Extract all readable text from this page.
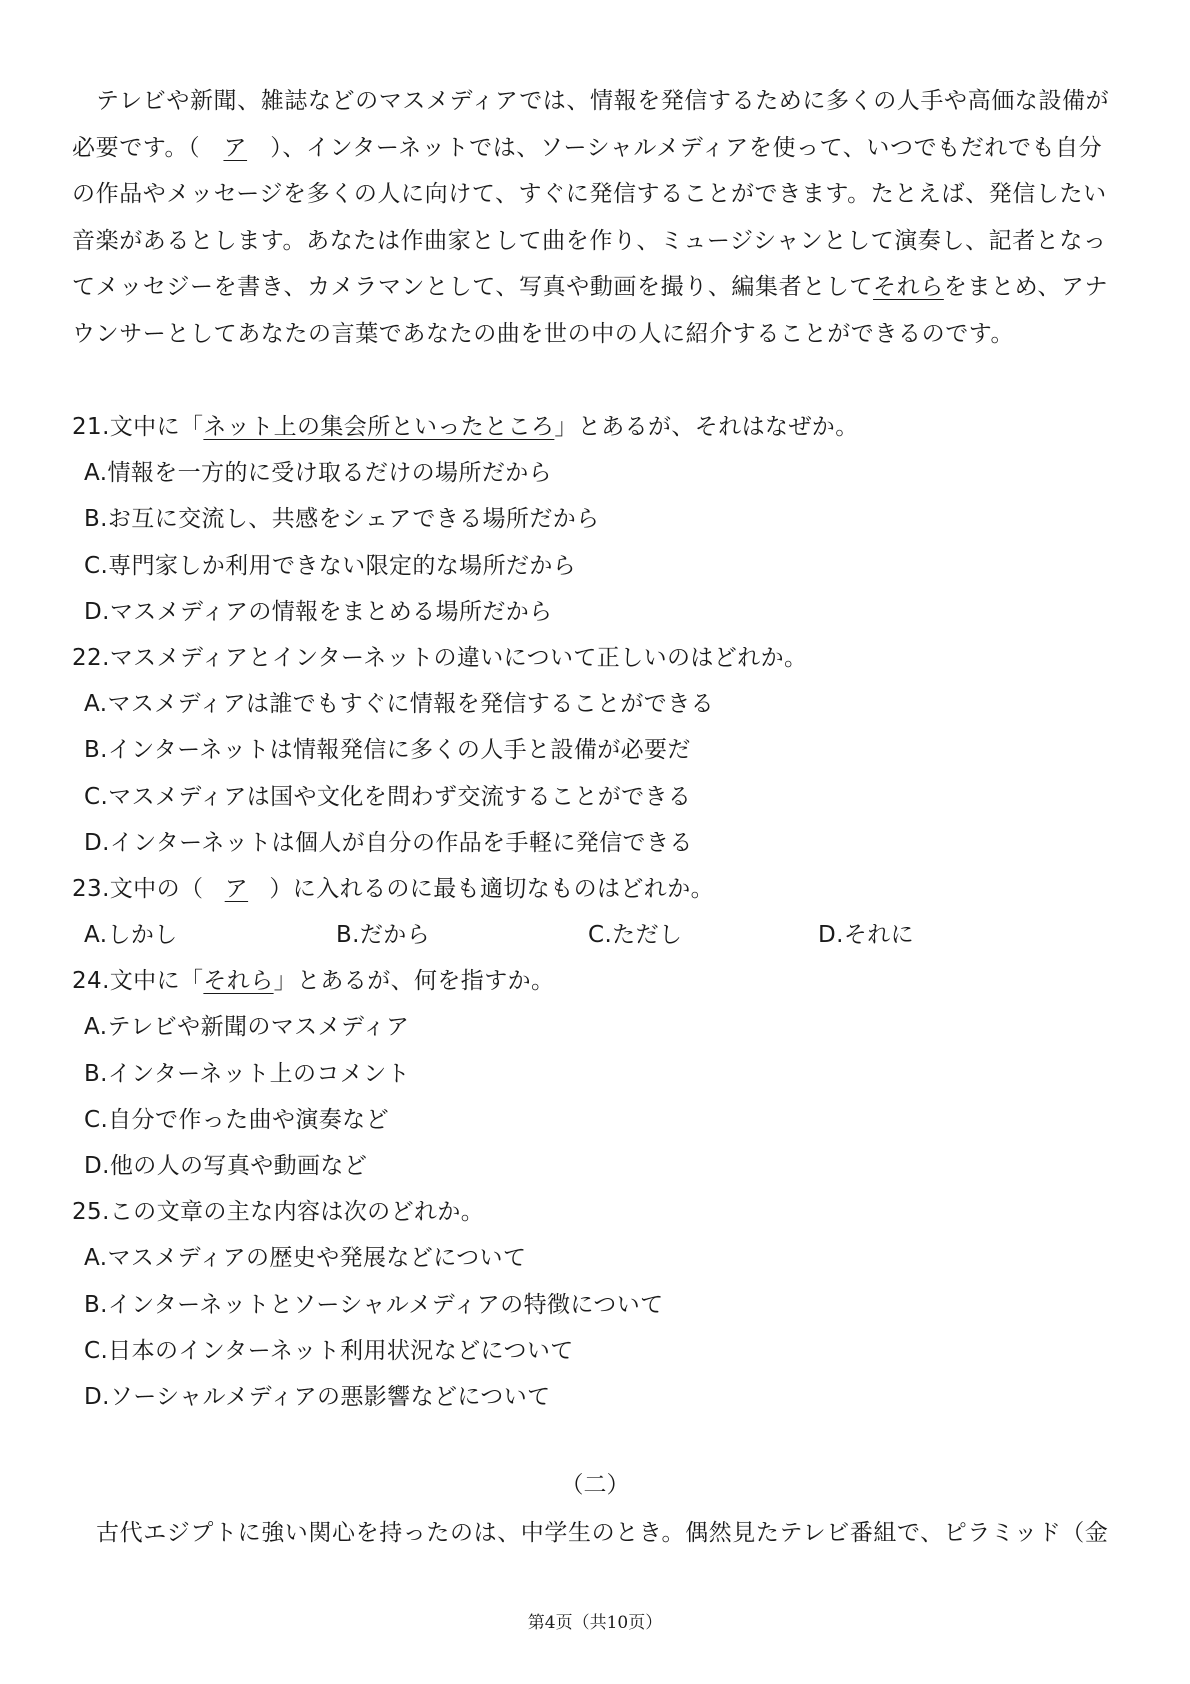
テレビや新聞、雑誌などのマスメディアでは、情報を発信するために多くの人手や高価な設備が必要です。（ ア ）、インターネットでは、ソーシャルメディアを使って、いつでもだれでも自分の作品やメッセージを多くの人に向けて、すぐに発信することができます。たとえば、発信したい音楽があるとします。あなたは作曲家として曲を作り、ミュージシャンとして演奏し、記者となってメッセジーを書き、カメラマンとして、写真や動画を撮り、編集者としてそれらをまとめ、アナウンサーとしてあなたの言葉であなたの曲を世の中の人に紹介することができるのです。

21.文中に「ネット上の集会所といったところ」とあるが、それはなぜか。
A.情報を一方的に受け取るだけの場所だから
B.お互に交流し、共感をシェアできる場所だから
C.専門家しか利用できない限定的な場所だから
D.マスメディアの情報をまとめる場所だから
22.マスメディアとインターネットの違いについて正しいのはどれか。
A.マスメディアは誰でもすぐに情報を発信することができる
B.インターネットは情報発信に多くの人手と設備が必要だ
C.マスメディアは国や文化を問わず交流することができる
D.インターネットは個人が自分の作品を手軽に発信できる
23.文中の（ ア ）に入れるのに最も適切なものはどれか。
A.しかし	B.だから	C.ただし	D.それに
24.文中に「それら」とあるが、何を指すか。
A.テレビや新聞のマスメディア
B.インターネット上のコメント
C.自分で作った曲や演奏など
D.他の人の写真や動画など
25.この文章の主な内容は次のどれか。
A.マスメディアの歴史や発展などについて
B.インターネットとソーシャルメディアの特徴について
C.日本のインターネット利用状況などについて
D.ソーシャルメディアの悪影響などについて
（二）
古代エジプトに強い関心を持ったのは、中学生のとき。偶然見たテレビ番組で、ピラミッド（金
第4页（共10页）
